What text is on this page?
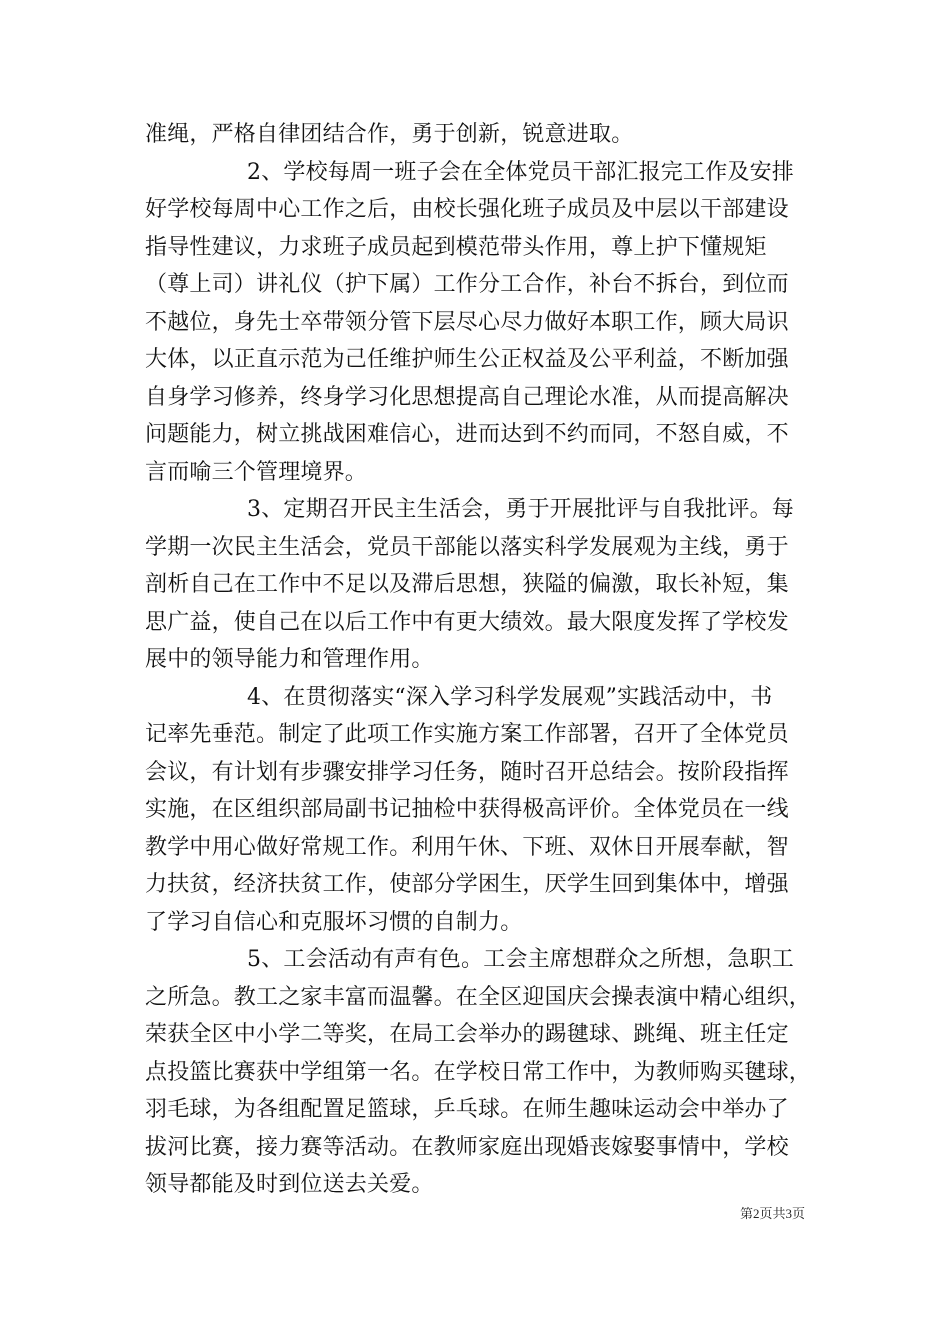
准绳，严格自律团结合作，勇于创新，锐意进取。
2、学校每周一班子会在全体党员干部汇报完工作及安排
好学校每周中心工作之后，由校长强化班子成员及中层以干部建设
指导性建议，力求班子成员起到模范带头作用，尊上护下懂规矩
（尊上司）讲礼仪（护下属）工作分工合作，补台不拆台，到位而
不越位，身先士卒带领分管下层尽心尽力做好本职工作，顾大局识
大体，以正直示范为己任维护师生公正权益及公平利益，不断加强
自身学习修养，终身学习化思想提高自己理论水准，从而提高解决
问题能力，树立挑战困难信心，进而达到不约而同，不怒自威，不
言而喻三个管理境界。
3、定期召开民主生活会，勇于开展批评与自我批评。每
学期一次民主生活会，党员干部能以落实科学发展观为主线，勇于
剖析自己在工作中不足以及滞后思想，狭隘的偏激，取长补短，集
思广益，使自己在以后工作中有更大绩效。最大限度发挥了学校发
展中的领导能力和管理作用。
4、在贯彻落实“深入学习科学发展观”实践活动中，书
记率先垂范。制定了此项工作实施方案工作部署，召开了全体党员
会议，有计划有步骤安排学习任务，随时召开总结会。按阶段指挥
实施，在区组织部局副书记抽检中获得极高评价。全体党员在一线
教学中用心做好常规工作。利用午休、下班、双休日开展奉献，智
力扶贫，经济扶贫工作，使部分学困生，厌学生回到集体中，增强
了学习自信心和克服坏习惯的自制力。
5、工会活动有声有色。工会主席想群众之所想，急职工
之所急。教工之家丰富而温馨。在全区迎国庆会操表演中精心组织，
荣获全区中小学二等奖，在局工会举办的踢毽球、跳绳、班主任定
点投篮比赛获中学组第一名。在学校日常工作中，为教师购买毽球，
羽毛球，为各组配置足篮球，乒乓球。在师生趣味运动会中举办了
拔河比赛，接力赛等活动。在教师家庭出现婚丧嫁娶事情中，学校
领导都能及时到位送去关爱。
第2页共3页
